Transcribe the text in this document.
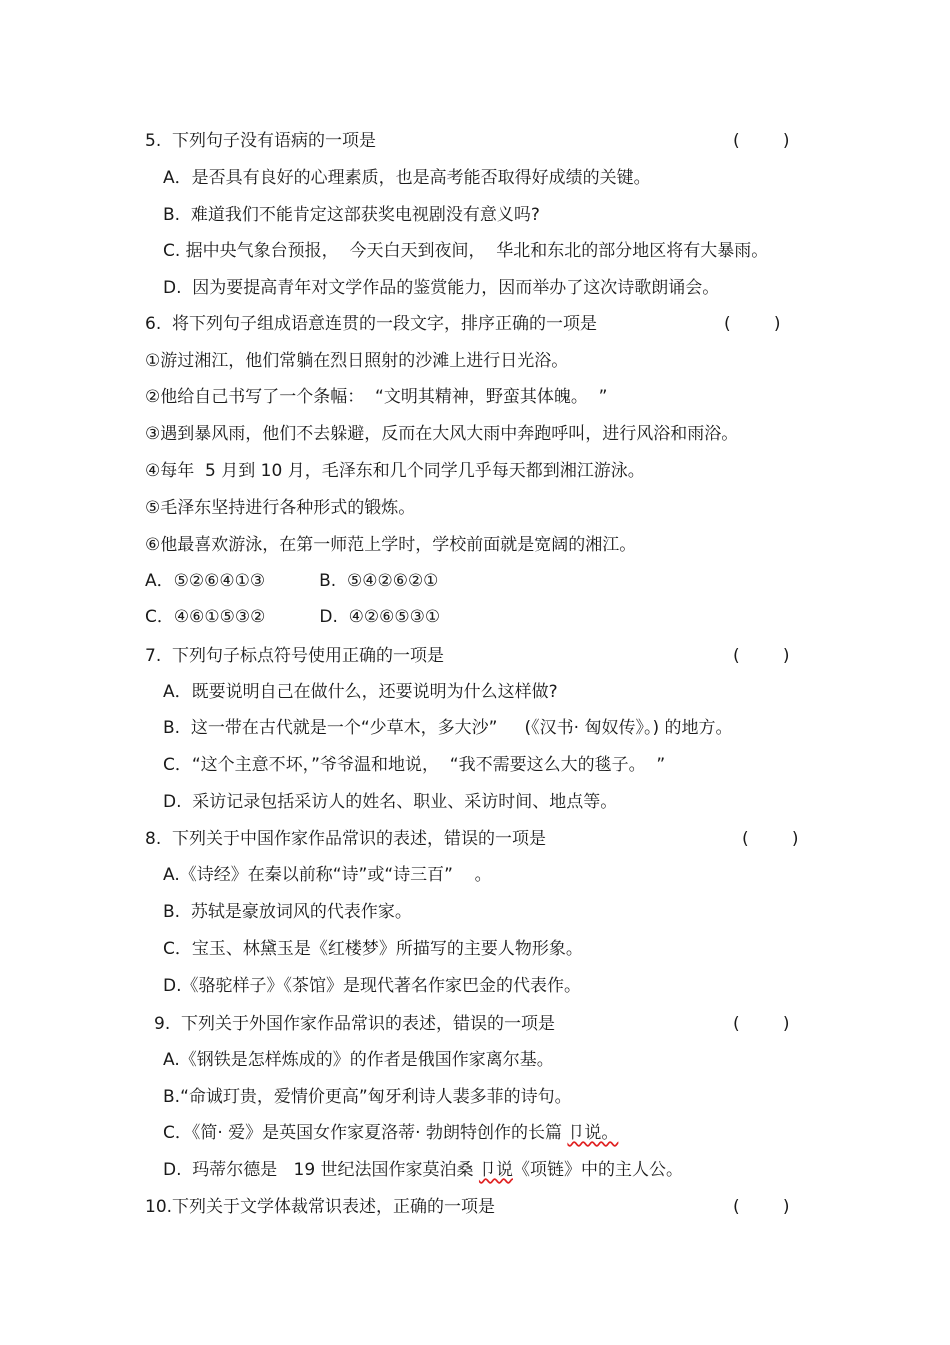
5.  下列句子没有语病的一项是	(        )
A．是否具有良好的心理素质，也是高考能否取得好成绩的关键。
B.  难道我们不能肯定这部获奖电视剧没有意义吗?
C. 据中央气象台预报，  今天白天到夜间，  华北和东北的部分地区将有大暴雨。
D.  因为要提高青年对文学作品的鉴赏能力，因而举办了这次诗歌朗诵会。
6.  将下列句子组成语意连贯的一段文字，排序正确的一项是	(        )
①游过湘江，他们常躺在烈日照射的沙滩上进行日光浴。
②他给自己书写了一个条幅：  “文明其精神，野蛮其体魄。  ”
③遇到暴风雨，他们不去躲避，反而在大风大雨中奔跑呼叫，进行风浴和雨浴。
④每年  5 月到 10 月，毛泽东和几个同学几乎每天都到湘江游泳。
⑤毛泽东坚持进行各种形式的锻炼。
⑥他最喜欢游泳，在第一师范上学时，学校前面就是宽阔的湘江。
A．⑤②⑥④①③          B.  ⑤④②⑥②①
C．④⑥①⑤③②          D.  ④②⑥⑤③①
7.  下列句子标点符号使用正确的一项是	(        )
A．既要说明自己在做什么，还要说明为什么这样做?
B.  这一带在古代就是一个“少草木，多大沙”     (《汉书· 匈奴传》。) 的地方。
C．“这个主意不坏，”爷爷温和地说，  “我不需要这么大的毯子。  ”
D.  采访记录包括采访人的姓名、职业、采访时间、地点等。
8.  下列关于中国作家作品常识的表述，错误的一项是	(        )
A.《诗经》在秦以前称“诗”或“诗三百”    。
B.  苏轼是豪放词风的代表作家。
C．宝玉、林黛玉是《红楼梦》所描写的主要人物形象。
D.《骆驼样子》《茶馆》是现代著名作家巴金的代表作。
9.  下列关于外国作家作品常识的表述，错误的一项是	(        )
A.《钢铁是怎样炼成的》的作者是俄国作家离尔基。
B.“命诚玎贵，爱情价更高”匈牙利诗人裴多菲的诗句。
C．《简· 爱》是英国女作家夏洛蒂· 勃朗特创作的长篇 卩说。
D.  玛蒂尔德是   19 世纪法国作家莫泊桑 卩说《项链》中的主人公。
10.下列关于文学体裁常识表述，正确的一项是	(        )
